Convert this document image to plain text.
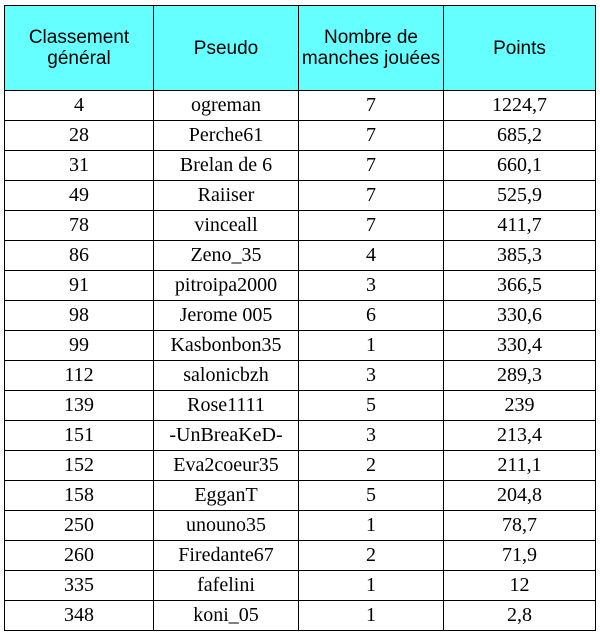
Classement général	Pseudo	Nombre de manches jouées	Points
4	ogreman	7	1224,7
28	Perche61	7	685,2
31	Brelan de 6	7	660,1
49	Raiiser	7	525,9
78	vinceall	7	411,7
86	Zeno_35	4	385,3
91	pitroipa2000	3	366,5
98	Jerome 005	6	330,6
99	Kasbonbon35	1	330,4
112	salonicbzh	3	289,3
139	Rose1111	5	239
151	-UnBreaKeD-	3	213,4
152	Eva2coeur35	2	211,1
158	EgganT	5	204,8
250	unouno35	1	78,7
260	Firedante67	2	71,9
335	fafelini	1	12
348	koni_05	1	2,8
